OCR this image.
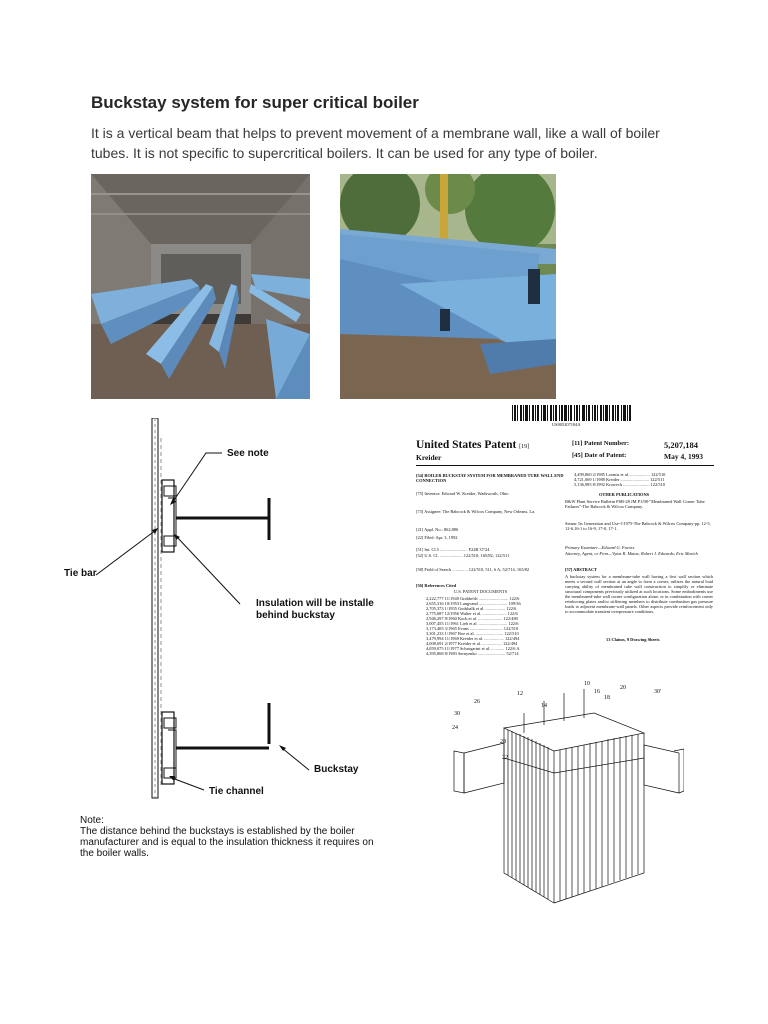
Buckstay system for super critical boiler
It is a vertical beam that helps to prevent movement of a membrane wall, like a wall of boiler tubes. It is not specific to supercritical boilers. It can be used for any type of boiler.
See note
Tie bar
Insulation will be installe behind buckstay
Buckstay
Tie channel
Note:
The distance behind the buckstays is established by the boiler manufacturer and is equal to the insulation thickness it requires on the boiler walls.
US005207184A
United States Patent [19]
Kreider
[11] Patent Number:	5,207,184
[45] Date of Patent:	May 4, 1993
[54] BOILER BUCKSTAY SYSTEM FOR MEMBRANED TUBE WALL END CONNECTION
[75] Inventor: Edward W. Kreider, Wadsworth, Ohio
[73] Assignee: The Babcock & Wilcox Company, New Orleans, La.
[21] Appl. No.: 862,886
[22] Filed: Apr. 3, 1992
[51] Int. Cl.5 ......................... F22B 37/24
[52] U.S. Cl. ..................... 122/510; 165/82; 122/511
[58] Field of Search .............. 122/510, 511, 6 A; 52/714, 165/82
[56] References Cited
U.S. PATENT DOCUMENTS
2,222,777 11/1940 Grabbe/di ........................... 122/6
2,655,316 10/1953 Langvand .......................... 109/36
2,705,373 1/1955 Godshalk et al. .................. 122/6
2,775,687 12/1956 Walter et al. ...................... 122/6
2,946,297 8/1960 Koch et al. ...................... 122/480
3,007,455 11/1961 Lieb et al. .......................... 122/6
3,173,405 3/1965 Evans .............................. 122/510
3,301,233 1/1967 Boe et al. ......................... 122/510
3,479,994 11/1969 Kreider et al. .................. 122/494
4,008,691 2/1977 Kreider et al. .................. 122/494
4,059,075 11/1977 Schrogartni et al. ............ 122/6 A
4,395,868 8/1983 Sernyenko ......................... 52/714
4,499,860 2/1985 Loomis et al. .................. 122/510
4,721,069 1/1988 Kreider .......................... 122/511
5,136,985 8/1992 Krowech ........................ 122/510
OTHER PUBLICATIONS
B&W Plant Service Bulletin PSB-28 JM P1/98-"Membraned Wall Corner Tube Failures"-The Babcock & Wilcox Company.
Steam: Its Generation and Use-©1975-The Babcock & Wilcox Company-pp. 12-5, 12-6,16-1 to 16-9, 17-0, 17-1.
Primary Examiner—Edward G. Favors
Attorney, Agent, or Firm—Vytas R. Matas; Robert J. Edwards; Eric Marich
[57] ABSTRACT
A buckstay system for a membrane-tube wall having a first wall section which meets a second wall section at an angle to form a corner, utilizes the natural load carrying ability of membraned tube wall construction to simplify or eliminate structural components previously utilized at such locations. Some embodiments use the membraned-tube wall corner configuration alone, or in combination with corner reinforcing plates and/or stiffening members to distribute combustion gas pressure loads to adjacent membrane-wall panels. Other aspects provide reinforcement only to accommodate transient overpressure conditions.
13 Claims, 9 Drawing Sheets
12
10
14
16
18
20
26
28
30
30'
24
22
